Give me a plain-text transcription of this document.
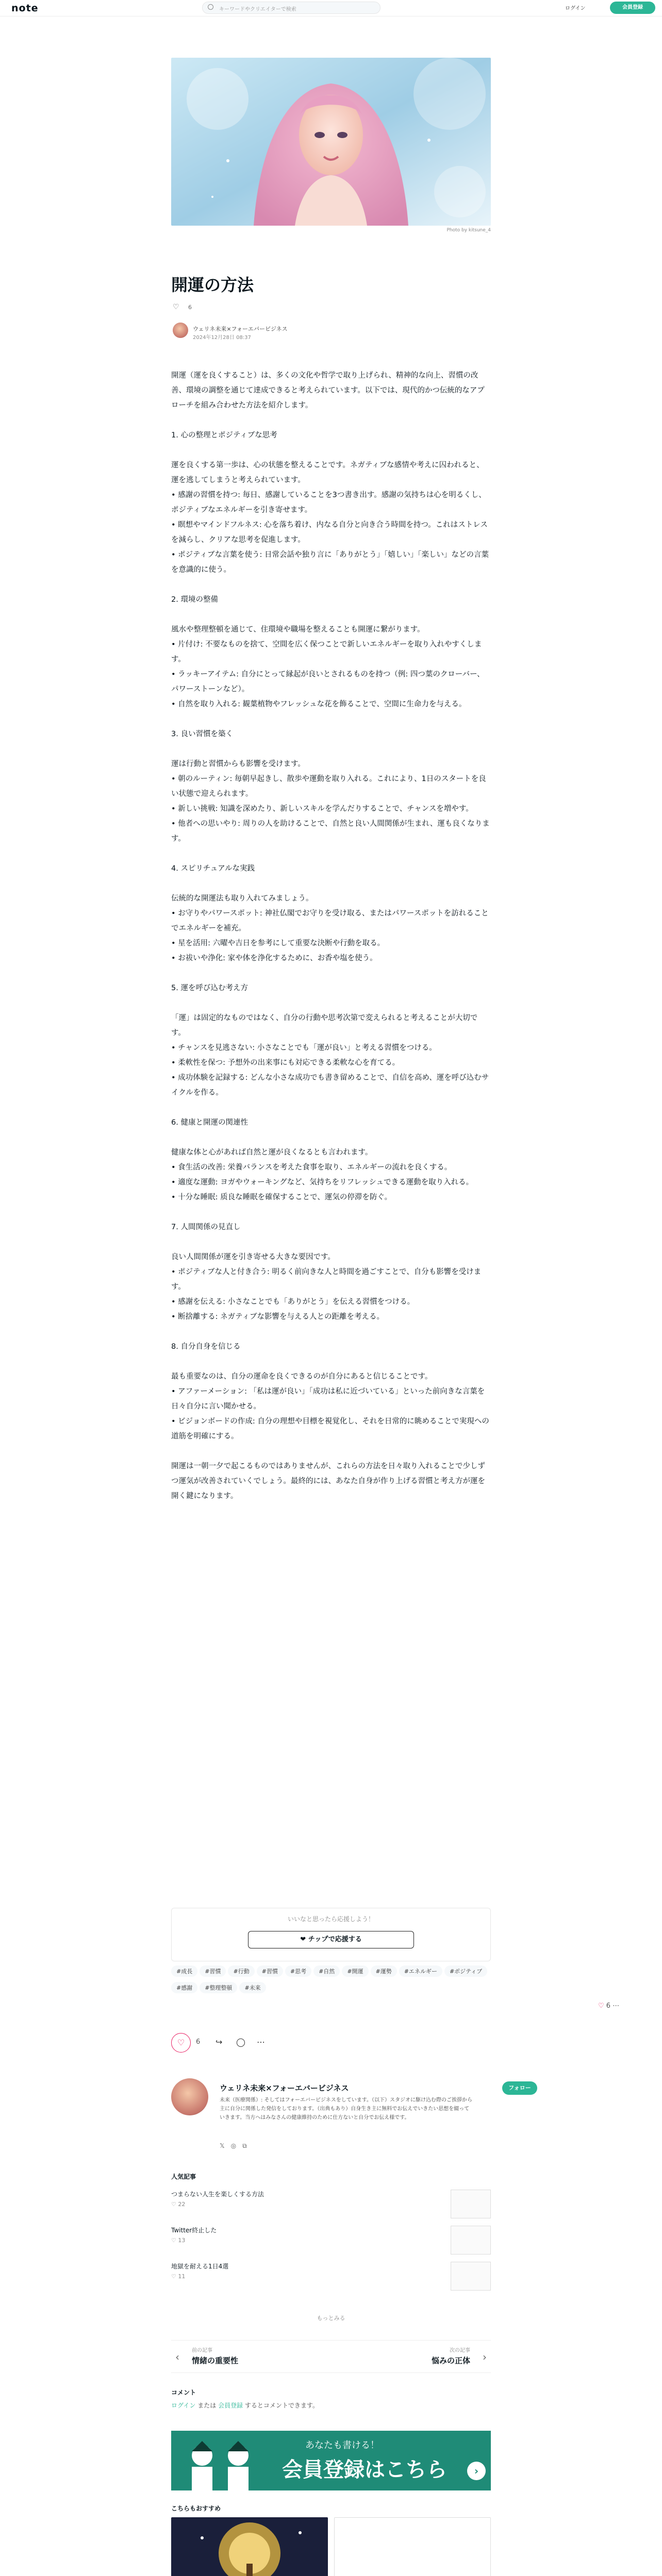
note	キーワードやクリエイターで検索	ログイン	会員登録
Photo by kitsune_4
開運の方法
♡ 6
ウェリネ未来×フォーエバービジネス
2024年12月28日 08:37

開運（運を良くすること）は、多くの文化や哲学で取り上げられ、精神的な向上、習慣の改善、環境の調整を通じて達成できると考えられています。以下では、現代的かつ伝統的なアプローチを組み合わせた方法を紹介します。

1. 心の整理とポジティブな思考

運を良くする第一歩は、心の状態を整えることです。ネガティブな感情や考えに囚われると、運を逃してしまうと考えられています。

• 感謝の習慣を持つ: 毎日、感謝していることを3つ書き出す。感謝の気持ちは心を明るくし、ポジティブなエネルギーを引き寄せます。

• 瞑想やマインドフルネス: 心を落ち着け、内なる自分と向き合う時間を持つ。これはストレスを減らし、クリアな思考を促進します。

• ポジティブな言葉を使う: 日常会話や独り言に「ありがとう」「嬉しい」「楽しい」などの言葉を意識的に使う。

2. 環境の整備

風水や整理整頓を通じて、住環境や職場を整えることも開運に繋がります。

• 片付け: 不要なものを捨て、空間を広く保つことで新しいエネルギーを取り入れやすくします。

• ラッキーアイテム: 自分にとって縁起が良いとされるものを持つ（例: 四つ葉のクローバー、パワーストーンなど）。

• 自然を取り入れる: 観葉植物やフレッシュな花を飾ることで、空間に生命力を与える。

3. 良い習慣を築く

運は行動と習慣からも影響を受けます。

• 朝のルーティン: 毎朝早起きし、散歩や運動を取り入れる。これにより、1日のスタートを良い状態で迎えられます。

• 新しい挑戦: 知識を深めたり、新しいスキルを学んだりすることで、チャンスを増やす。

• 他者への思いやり: 周りの人を助けることで、自然と良い人間関係が生まれ、運も良くなります。

4. スピリチュアルな実践

伝統的な開運法も取り入れてみましょう。

• お守りやパワースポット: 神社仏閣でお守りを受け取る、またはパワースポットを訪れることでエネルギーを補充。

• 星を活用: 六曜や吉日を参考にして重要な決断や行動を取る。

• お祓いや浄化: 家や体を浄化するために、お香や塩を使う。

5. 運を呼び込む考え方

「運」は固定的なものではなく、自分の行動や思考次第で変えられると考えることが大切です。

• チャンスを見逃さない: 小さなことでも「運が良い」と考える習慣をつける。

• 柔軟性を保つ: 予想外の出来事にも対応できる柔軟な心を育てる。

• 成功体験を記録する: どんな小さな成功でも書き留めることで、自信を高め、運を呼び込むサイクルを作る。

6. 健康と開運の関連性

健康な体と心があれば自然と運が良くなるとも言われます。

• 食生活の改善: 栄養バランスを考えた食事を取り、エネルギーの流れを良くする。

• 適度な運動: ヨガやウォーキングなど、気持ちをリフレッシュできる運動を取り入れる。

• 十分な睡眠: 质良な睡眠を確保することで、運気の停滞を防ぐ。

7. 人間関係の見直し

良い人間関係が運を引き寄せる大きな要因です。

• ポジティブな人と付き合う: 明るく前向きな人と時間を過ごすことで、自分も影響を受けます。

• 感謝を伝える: 小さなことでも「ありがとう」を伝える習慣をつける。

• 断捨離する: ネガティブな影響を与える人との距離を考える。

8. 自分自身を信じる

最も重要なのは、自分の運命を良くできるのが自分にあると信じることです。

• アファーメーション: 「私は運が良い」「成功は私に近づいている」といった前向きな言葉を日々自分に言い聞かせる。

• ビジョンボードの作成: 自分の理想や目標を視覚化し、それを日常的に眺めることで実現への道筋を明確にする。

開運は一朝一夕で起こるものではありませんが、これらの方法を日々取り入れることで少しずつ運気が改善されていくでしょう。最終的には、あなた自身が作り上げる習慣と考え方が運を開く鍵になります。

いいなと思ったら応援しよう！
❤ チップで応援する
#成長 #習慣 #行動 #習慣 #思考 #自然 #開運 #運勢 #エネルギー #ポジティブ#感謝 #整理整頓 #未来
♡ 6 ⋯
♡	6 ↪ ◯ ⋯
ウェリネ未来×フォーエバービジネス	フォロー
未来（医療関係）: そしてはフォーエバービジネスをしています。（以下）スタジオに駆け込む際のご挨拶から主に自分に関係した発信をしております。（出典もあり）自身生き主に無料でお伝えでいきたい思想を綴っていきます。当方へはみなさんの健康維持のために仕方ないと自分でお伝え様です。
𝕏◎⧉
人気記事
つまらない人生を楽しくする方法
♡ 22
Twitter終止した
♡ 13
地獄を耐える1日4選
♡ 11
もっとみる
‹
前の記事
情緒の重要性
次の記事
悩みの正体 ›
コメント
ログイン または 会員登録 するとコメントできます。
あなたも書ける！
会員登録はこちら	›
こちらもおすすめ
